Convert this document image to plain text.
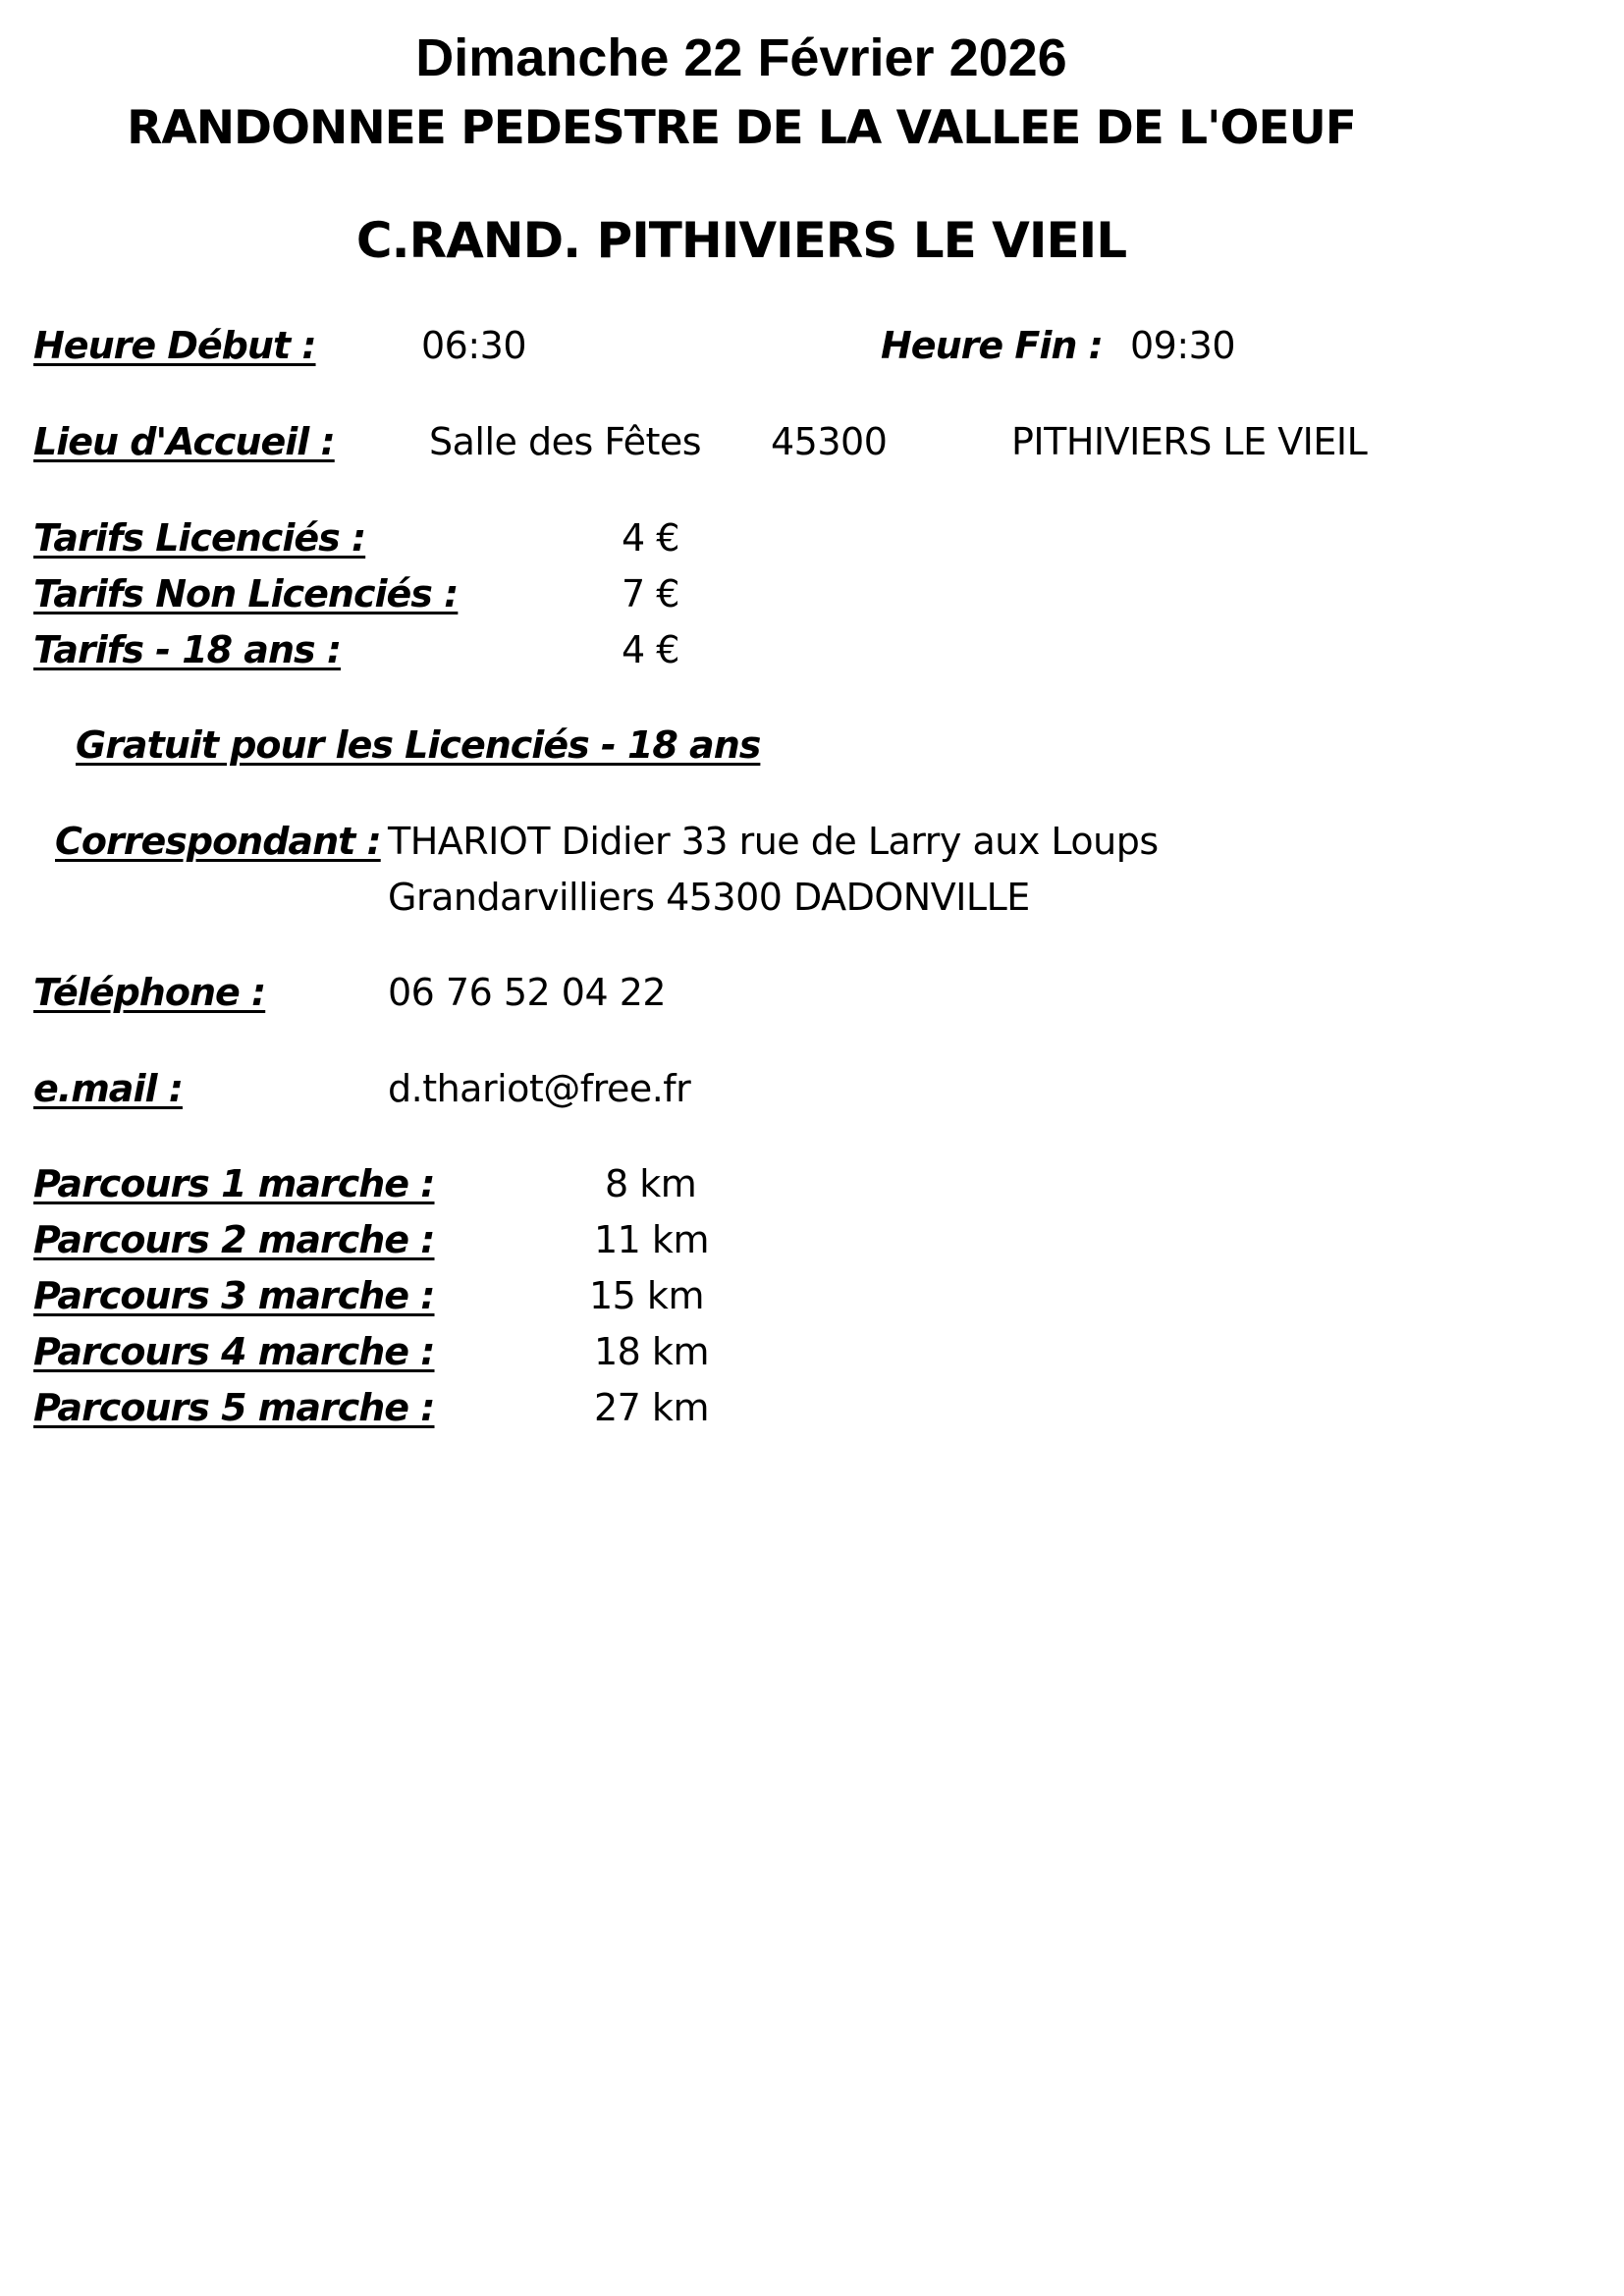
Dimanche 22 Février 2026
RANDONNEE PEDESTRE DE LA VALLEE DE L'OEUF
C.RAND. PITHIVIERS LE VIEIL
Heure Début :	06:30	Heure Fin : 09:30
Lieu d'Accueil :	Salle des Fêtes 45300	PITHIVIERS LE VIEIL
Tarifs Licenciés :	4 €
Tarifs Non Licenciés :	7 €
Tarifs - 18 ans :	4 €
Gratuit pour les Licenciés - 18 ans
Correspondant : THARIOT Didier 33 rue de Larry aux Loups
Grandarvilliers 45300 DADONVILLE
Téléphone :	06 76 52 04 22
e.mail :	d.thariot@free.fr
Parcours 1 marche :	8 km
Parcours 2 marche :	11 km
Parcours 3 marche :	15 km
Parcours 4 marche :	18 km
Parcours 5 marche :	27 km
